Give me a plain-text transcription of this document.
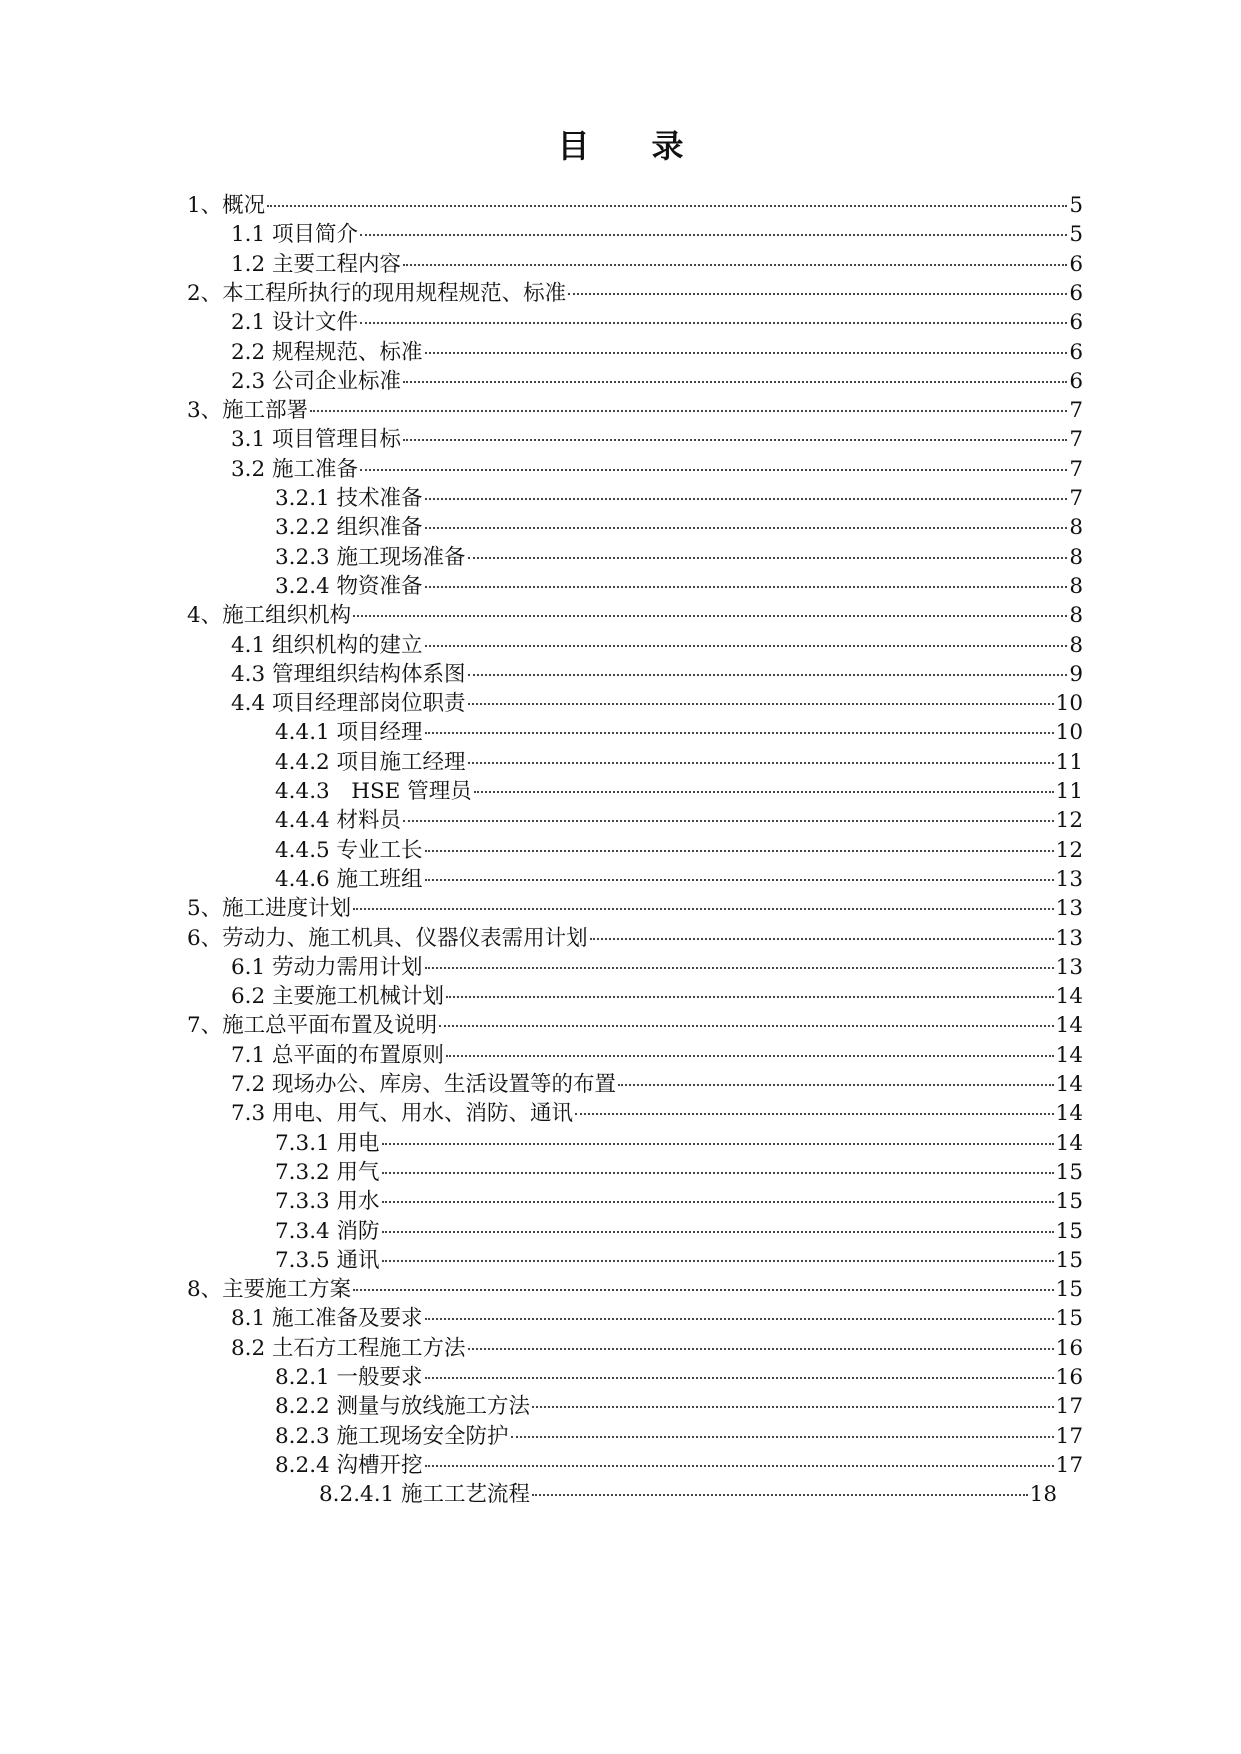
目 录
1、概况	5
1.1 项目简介	5
1.2 主要工程内容	6
2、本工程所执行的现用规程规范、标准	6
2.1 设计文件	6
2.2 规程规范、标准	6
2.3 公司企业标准	6
3、施工部署	7
3.1 项目管理目标	7
3.2 施工准备	7
3.2.1 技术准备	7
3.2.2 组织准备	8
3.2.3 施工现场准备	8
3.2.4 物资准备	8
4、施工组织机构	8
4.1 组织机构的建立	8
4.3 管理组织结构体系图	9
4.4 项目经理部岗位职责	10
4.4.1 项目经理	10
4.4.2 项目施工经理	11
4.4.3　HSE 管理员	11
4.4.4 材料员	12
4.4.5 专业工长	12
4.4.6 施工班组	13
5、施工进度计划	13
6、劳动力、施工机具、仪器仪表需用计划	13
6.1 劳动力需用计划	13
6.2 主要施工机械计划	14
7、施工总平面布置及说明	14
7.1 总平面的布置原则	14
7.2 现场办公、库房、生活设置等的布置	14
7.3 用电、用气、用水、消防、通讯	14
7.3.1 用电	14
7.3.2 用气	15
7.3.3 用水	15
7.3.4 消防	15
7.3.5 通讯	15
8、主要施工方案	15
8.1 施工准备及要求	15
8.2 土石方工程施工方法	16
8.2.1 一般要求	16
8.2.2 测量与放线施工方法	17
8.2.3 施工现场安全防护	17
8.2.4 沟槽开挖	17
8.2.4.1 施工工艺流程	18
